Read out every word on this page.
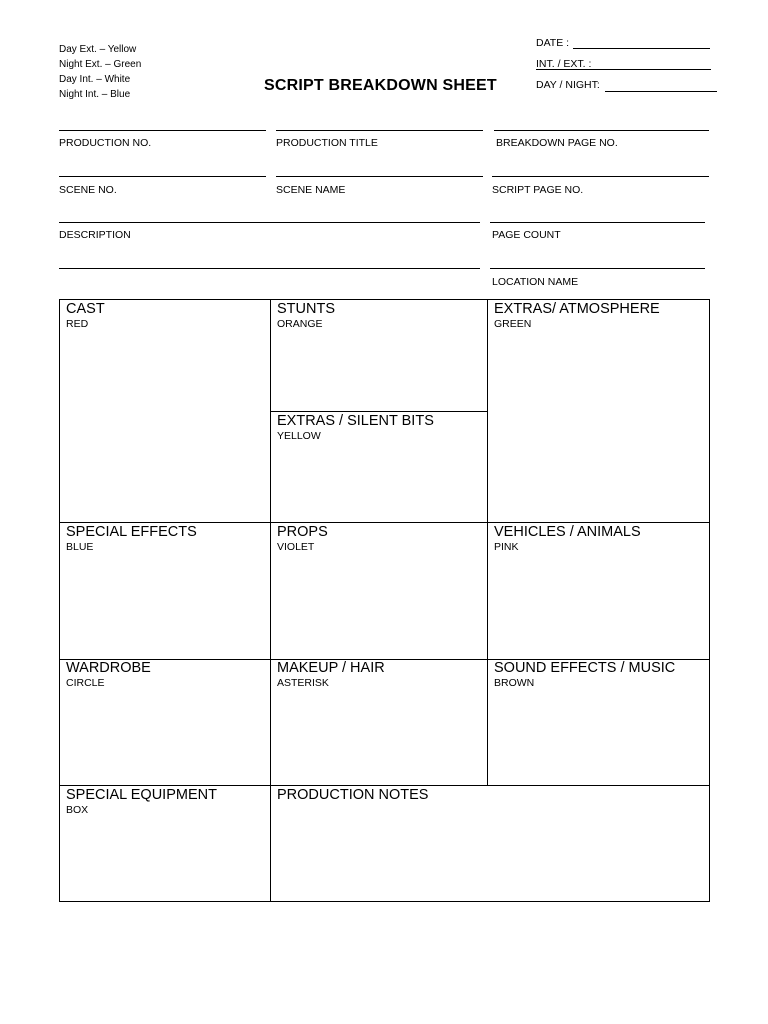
Day Ext. – Yellow
Night Ext. – Green
Day Int. – White
Night Int. – Blue
SCRIPT BREAKDOWN SHEET
DATE :
INT. / EXT. :
DAY / NIGHT:
PRODUCTION NO.	PRODUCTION TITLE	BREAKDOWN PAGE NO.
SCENE NO.	SCENE NAME	SCRIPT PAGE NO.
DESCRIPTION	PAGE COUNT
LOCATION NAME
CAST
RED
STUNTS
ORANGE
EXTRAS/ ATMOSPHERE
GREEN
EXTRAS / SILENT BITS
YELLOW
SPECIAL EFFECTS
BLUE
PROPS
VIOLET
VEHICLES / ANIMALS
PINK
WARDROBE
CIRCLE
MAKEUP / HAIR
ASTERISK
SOUND EFFECTS / MUSIC
BROWN
SPECIAL EQUIPMENT
BOX
PRODUCTION NOTES
